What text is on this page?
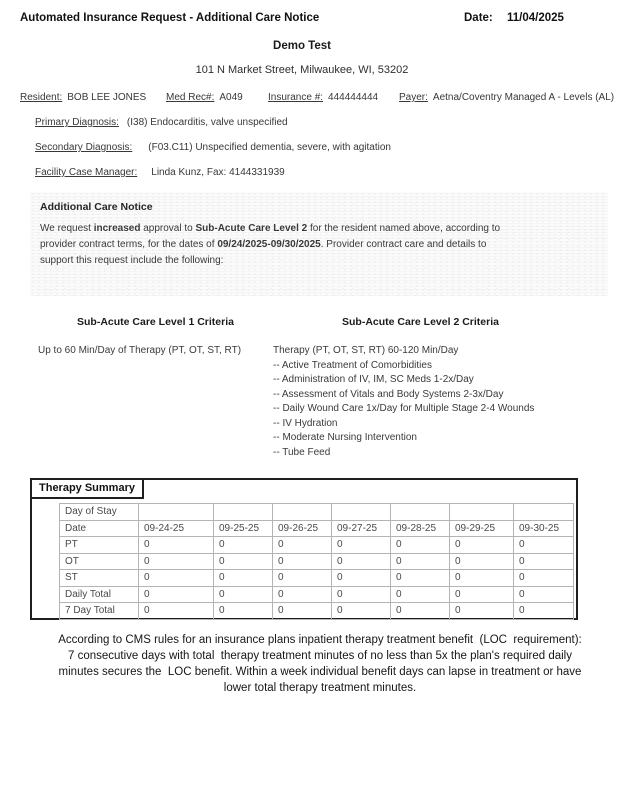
Automated Insurance Request - Additional Care Notice	Date: 11/04/2025
Demo Test
101 N Market Street, Milwaukee, WI, 53202
Resident: BOB LEE JONES Med Rec#: A049	Insurance #: 444444444 Payer: Aetna/Coventry Managed A - Levels (AL)
Primary Diagnosis: (I38) Endocarditis, valve unspecified
Secondary Diagnosis: (F03.C11) Unspecified dementia, severe, with agitation
Facility Case Manager: Linda Kunz, Fax: 4144331939
Additional Care Notice
We request increased approval to Sub-Acute Care Level 2 for the resident named above, according to
provider contract terms, for the dates of 09/24/2025-09/30/2025. Provider contract care and details to
support this request include the following:
Sub-Acute Care Level 1 Criteria	Sub-Acute Care Level 2 Criteria
Up to 60 Min/Day of Therapy (PT, OT, ST, RT)	Therapy (PT, OT, ST, RT) 60-120 Min/Day
-- Active Treatment of Comorbidities
-- Administration of IV, IM, SC Meds 1-2x/Day
-- Assessment of Vitals and Body Systems 2-3x/Day
-- Daily Wound Care 1x/Day for Multiple Stage 2-4 Wounds
-- IV Hydration
-- Moderate Nursing Intervention
-- Tube Feed
Therapy Summary
Day of Stay							
Date	09-24-25	09-25-25	09-26-25	09-27-25	09-28-25	09-29-25	09-30-25
PT	0	0	0	0	0	0	0
OT	0	0	0	0	0	0	0
ST	0	0	0	0	0	0	0
Daily Total	0	0	0	0	0	0	0
7 Day Total	0	0	0	0	0	0	0
According to CMS rules for an insurance plans inpatient therapy treatment benefit  (LOC  requirement):
7 consecutive days with total  therapy treatment minutes of no less than 5x the plan's required daily
minutes secures the  LOC benefit. Within a week individual benefit days can lapse in treatment or have
lower total therapy treatment minutes.
